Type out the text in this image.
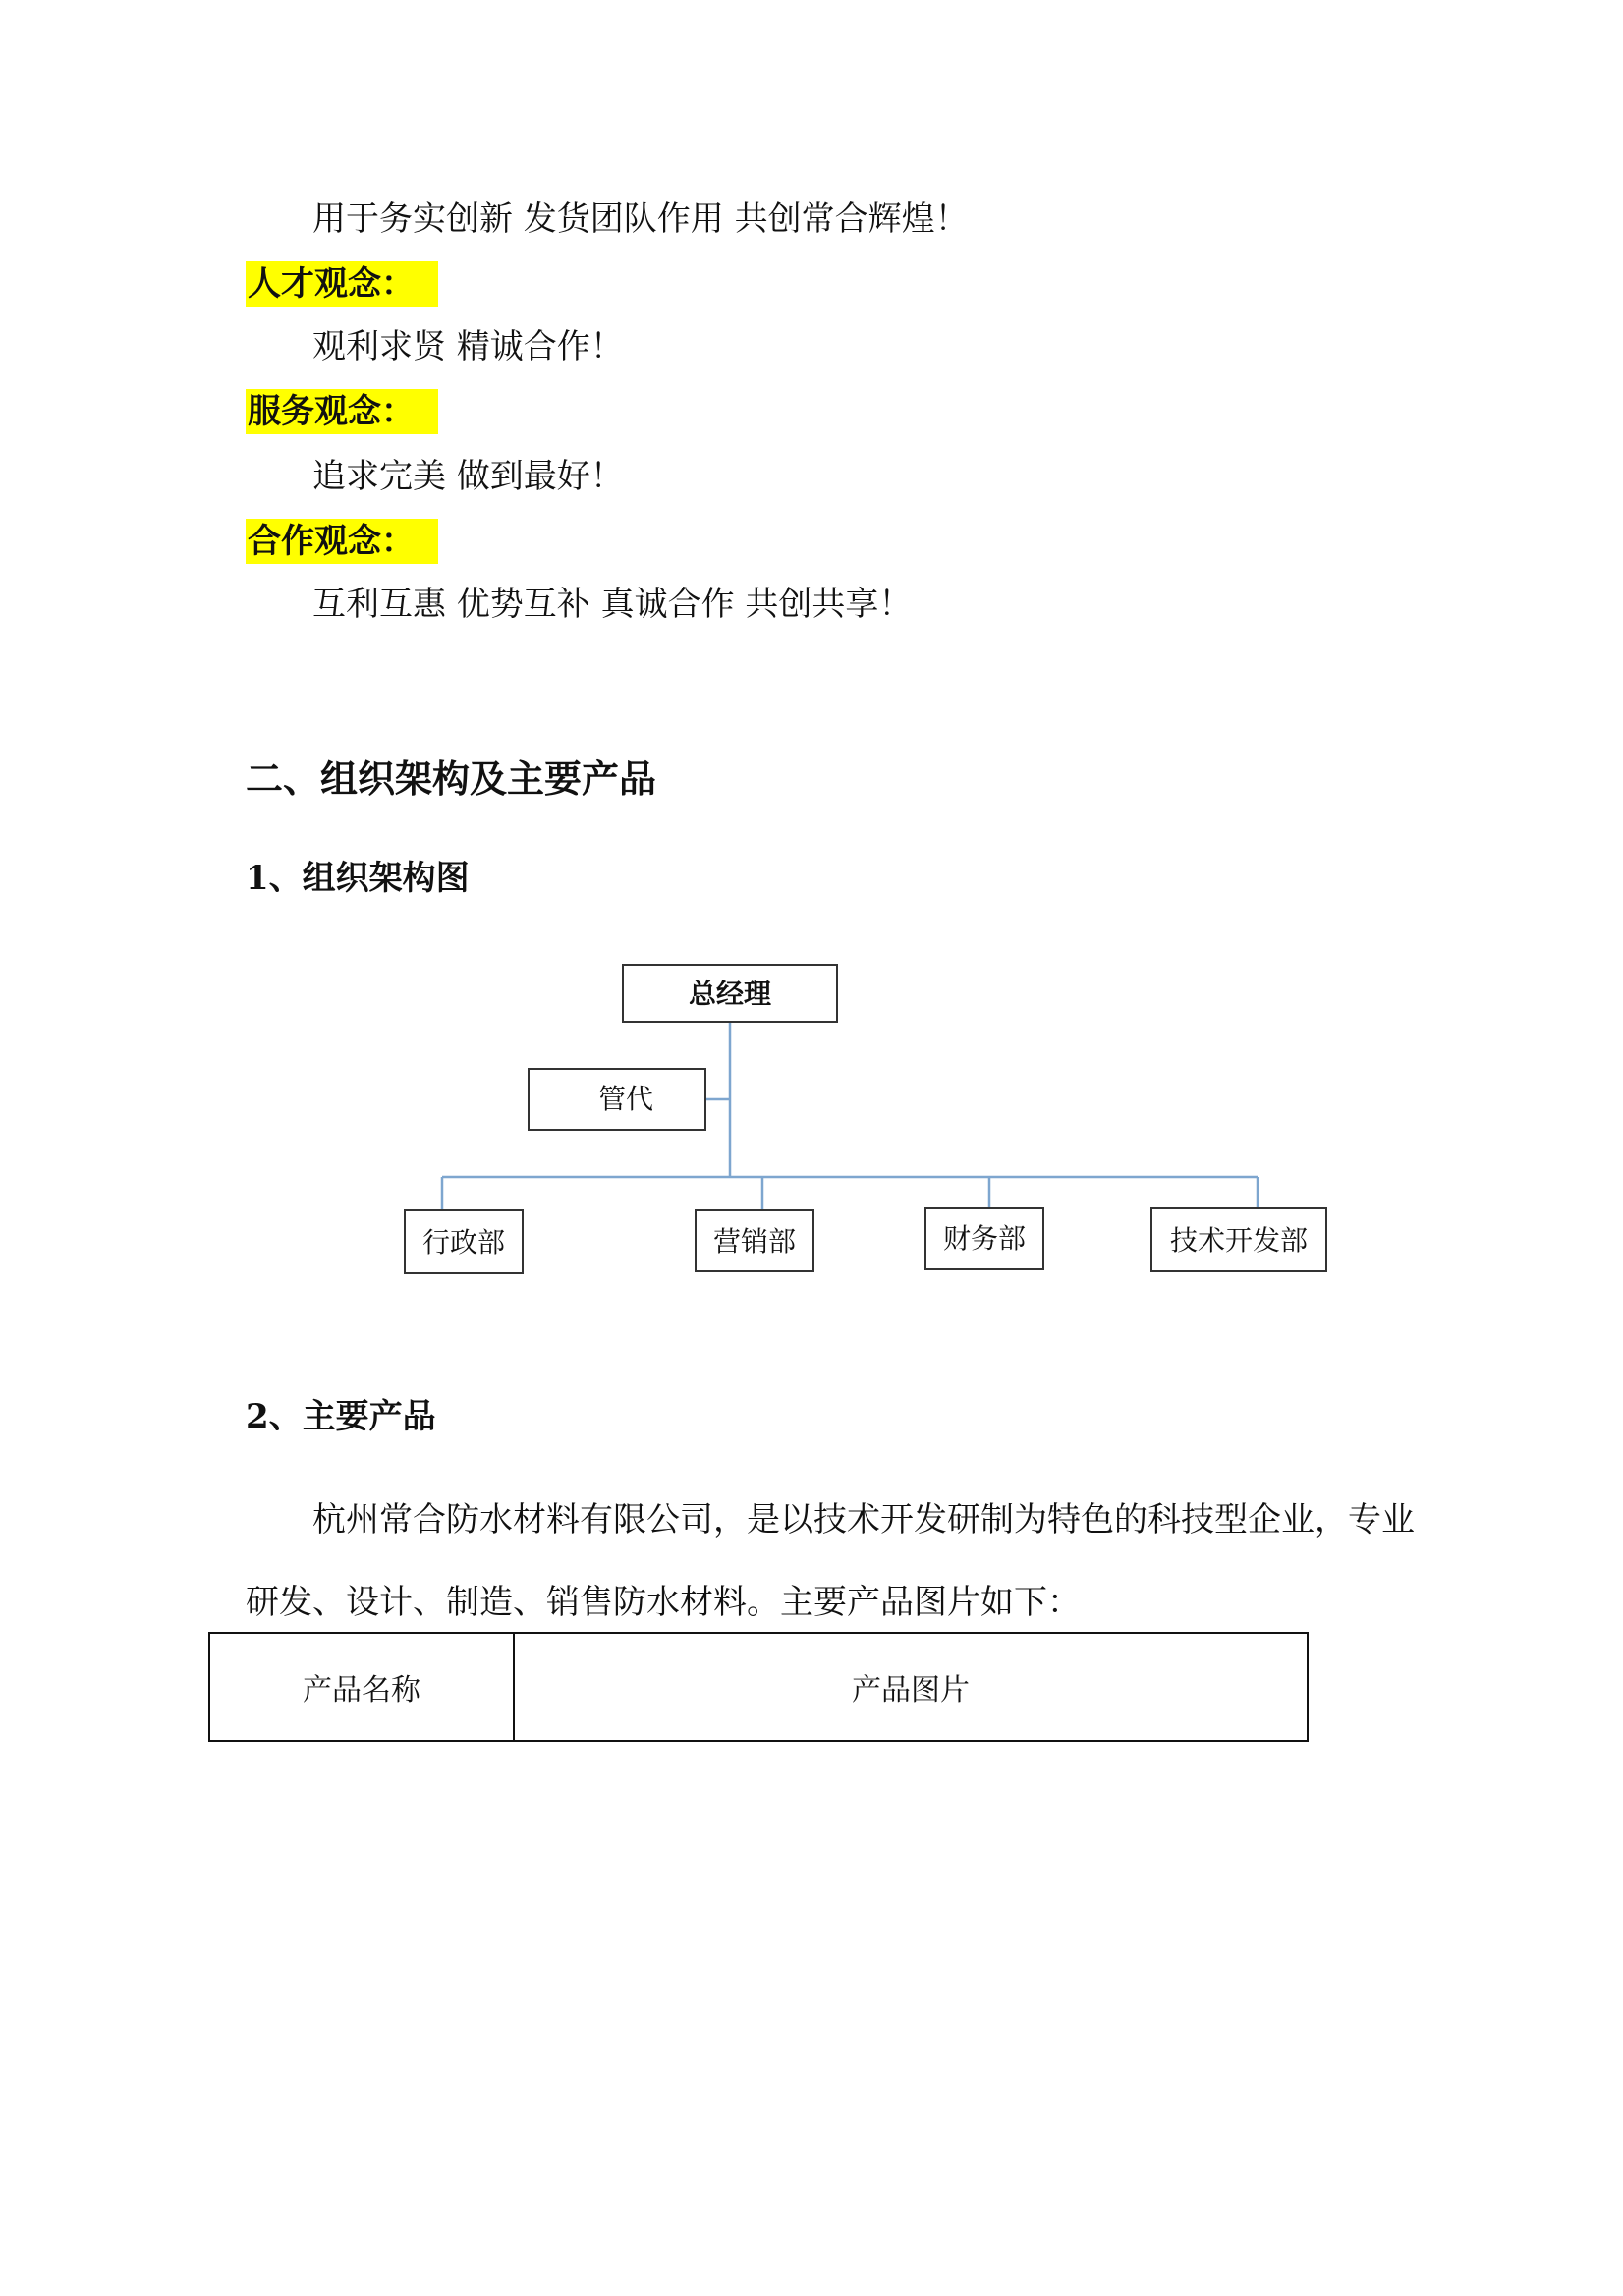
用于务实创新 发货团队作用 共创常合辉煌！
人才观念：
观利求贤 精诚合作！
服务观念：
追求完美 做到最好！
合作观念：
互利互惠 优势互补 真诚合作 共创共享！
二、组织架构及主要产品
1、组织架构图
总经理
管代
行政部	营销部	财务部	技术开发部
2、主要产品
杭州常合防水材料有限公司，是以技术开发研制为特色的科技型企业，专业
研发、设计、制造、销售防水材料。主要产品图片如下：
产品名称	产品图片
